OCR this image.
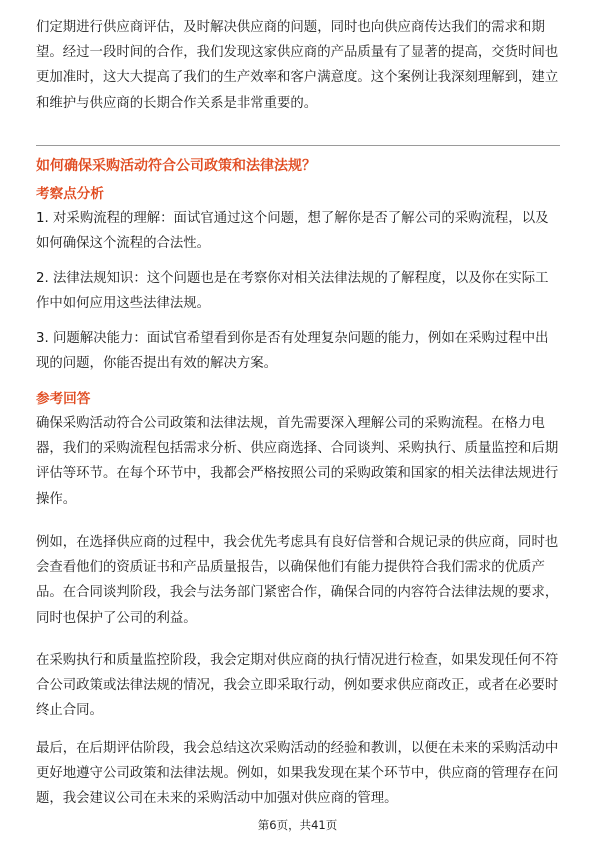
们定期进行供应商评估，及时解决供应商的问题，同时也向供应商传达我们的需求和期望。经过一段时间的合作，我们发现这家供应商的产品质量有了显著的提高，交货时间也更加准时，这大大提高了我们的生产效率和客户满意度。这个案例让我深刻理解到，建立和维护与供应商的长期合作关系是非常重要的。

如何确保采购活动符合公司政策和法律法规？
考察点分析

1. 对采购流程的理解：面试官通过这个问题，想了解你是否了解公司的采购流程，以及如何确保这个流程的合法性。

2. 法律法规知识：这个问题也是在考察你对相关法律法规的了解程度，以及你在实际工作中如何应用这些法律法规。

3. 问题解决能力：面试官希望看到你是否有处理复杂问题的能力，例如在采购过程中出现的问题，你能否提出有效的解决方案。

参考回答

确保采购活动符合公司政策和法律法规，首先需要深入理解公司的采购流程。在格力电器，我们的采购流程包括需求分析、供应商选择、合同谈判、采购执行、质量监控和后期评估等环节。在每个环节中，我都会严格按照公司的采购政策和国家的相关法律法规进行操作。

例如，在选择供应商的过程中，我会优先考虑具有良好信誉和合规记录的供应商，同时也会查看他们的资质证书和产品质量报告，以确保他们有能力提供符合我们需求的优质产品。在合同谈判阶段，我会与法务部门紧密合作，确保合同的内容符合法律法规的要求，同时也保护了公司的利益。

在采购执行和质量监控阶段，我会定期对供应商的执行情况进行检查，如果发现任何不符合公司政策或法律法规的情况，我会立即采取行动，例如要求供应商改正，或者在必要时终止合同。

最后，在后期评估阶段，我会总结这次采购活动的经验和教训，以便在未来的采购活动中更好地遵守公司政策和法律法规。例如，如果我发现在某个环节中，供应商的管理存在问题，我会建议公司在未来的采购活动中加强对供应商的管理。

第6页，共41页
